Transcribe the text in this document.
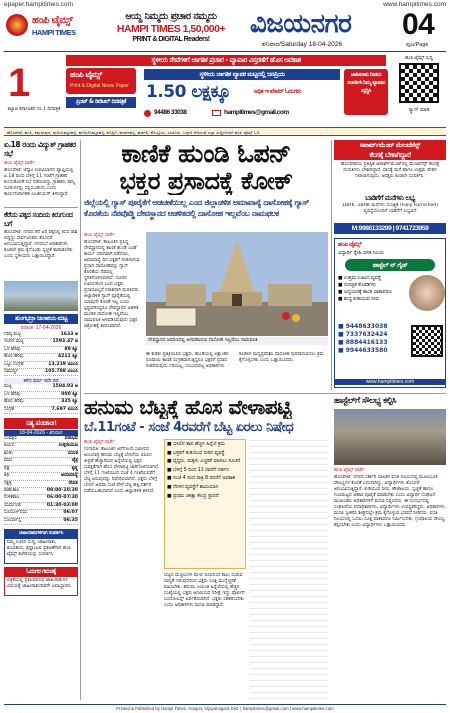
epaper.hampitimes.com	www.hampitimes.com
ಹಂಪಿ ಟೈಮ್ಸ್
HAMPI TIMES
ಆಯ್ದ ನಿಮ್ಮದು ಪ್ರಚಾರ ನಮ್ಮದು
HAMPI TIMES 1,50,000+
PRINT & DIGITAL Readers!
ವಿಜಯನಗರ
ಶನಿವಾರ/Saturday 18-04-2026
04
ಪುಟ/Page
ಸ್ಥಳೀಯ ಸೇವೆಗಳಿಗೆ ಜಾಗತಿಕ ಪ್ರಚಾರ - ವ್ಯಾಪಾರ ವಿಸ್ತರಣೆಗೆ ಹೊಸ ಅವಕಾಶ
1
ಕಲ್ಯಾಣ ಕರ್ನಾಟಕದ ನಂ.1 ದಿನಪತ್ರಿಕೆ
ಹಂಪಿ ಟೈಮ್ಸ್
Print & Digital News Paper
ಪ್ರಿಂಟ್ & ಡಿಜಿಟಲ್ ದಿನಪತ್ರಿಕೆ
ಸ್ಥಳೀಯ ಜಾಗತಿಕ ವ್ಯಾಪಕ ಮಟ್ಟದಲ್ಲಿ ಜನಪ್ರಿಯ
1.50 ಲಕ್ಷಕ್ಕೂ	ಅಧಿಕ ಇ-ಪೇಪರ್ ಓದುಗರು
94486 33038	hampitimes@gmail.com
ಜಾಹೀರಾತು ನೀಡಲು ಸಂಪರ್ಕಿಸಿ ನಿಮ್ಮ ವ್ಯಾಪಾರ ವೃದ್ಧಿಸಿ
ಹಂಪಿ ಟೈಮ್ಸ್ ಸುದ್ದಿ
ಸ್ಕ್ಯಾನ್ ಮಾಡಿ
ಹೊಸಪೇಟೆ, ಹಂಪಿ, ಕಮಲಾಪುರ, ಮರಿಯಮ್ಮನಹಳ್ಳಿ, ಹಗರಿಬೊಮ್ಮನಹಳ್ಳಿ, ಕೂಡ್ಲಿಗಿ, ಹರಪನಹಳ್ಳಿ, ಹಡಗಲಿ, ಕೊಟ್ಟೂರು, ಸಂಡೂರು, ಬಳ್ಳಾರಿ ಸೇರಿದಂತೆ ಎಲ್ಲಾ ಸುದ್ದಿಗಳಿಗಾಗಿ ಹಂಪಿ ಟೈಮ್ಸ್ ಓದಿ
ಏ.18 ರಂದು ವಿದ್ಯುತ್ ಗ್ರಾಹಕರ ಸಭೆ
ಹಂಪಿ ಟೈಮ್ಸ್ ವಾರ್ತೆ
ಹೊಸಪೇಟೆ: ಜೆಸ್ಕಾಂ ಉಪವಿಭಾಗದ ವ್ಯಾಪ್ತಿಯಲ್ಲಿ ಏ.18 ರಂದು ಬೆಳಿಗ್ಗೆ 11 ಗಂಟೆಗೆ ಗ್ರಾಹಕರ ಕುಂದುಕೊರತೆ ಸಭೆ ನಡೆಯಲಿದ್ದು ಗ್ರಾಹಕರು ತಮ್ಮ ದೂರುಗಳನ್ನು ಸಲ್ಲಿಸಬಹುದು ಎಂದು ಕಾರ್ಯನಿರ್ವಾಹಕ ಎಂಜಿನಿಯರ್ ತಿಳಿಸಿದ್ದಾರೆ.
ಕೆರೆಯ ಪಕ್ಕದ ಸಂದಿಯ ಕಿರುಗುಂದ ಬಗೆ
ಹೊಸಪೇಟೆ: ನಗರದ ಕೆರೆ ಏರಿ ಪಕ್ಕದಲ್ಲಿ ಕಸದ ರಾಶಿ ಬಿದ್ದಿದ್ದು ಸಾರ್ವಜನಿಕರು ತೊಂದರೆ ಅನುಭವಿಸುತ್ತಿದ್ದಾರೆ. ನಗರಸಭೆ ಅಧಿಕಾರಿಗಳು ಕೂಡಲೇ ಕ್ರಮ ಕೈಗೊಂಡು ಸ್ವಚ್ಛತೆ ಕಾಪಾಡಬೇಕು ಎಂದು ಸ್ಥಳೀಯರು ಒತ್ತಾಯಿಸಿದ್ದಾರೆ.
ತುಂಗಭದ್ರಾ ಜಲಾಶಯ ಮಟ್ಟ
ದಿನಾಂಕ: 17-04-2026
ಗರಿಷ್ಠ ಮಟ್ಟ	1633 ಅ
ಇಂದಿನ ಮಟ್ಟ	1593.47 ಅ
ಒಳ ಹರಿವು	89 ಕ್ಯೂ
ಹೊರ ಹರಿವು	4211 ಕ್ಯೂ
ಒಟ್ಟು ಸಂಗ್ರಹ	13.219 ಟಿಎಂಸಿ
ಸಾಮರ್ಥ್ಯ	105.788 ಟಿಎಂಸಿ
ಕಳೆದ ವರ್ಷ ಇದೇ ದಿನ
ಮಟ್ಟ	1584.93 ಅ
ಒಳ ಹರಿವು	000 ಕ್ಯೂ
ಹೊರ ಹರಿವು	325 ಕ್ಯೂ
ಸಂಗ್ರಹ	7.697 ಟಿಎಂಸಿ
ನಿತ್ಯ ಪಂಚಾಂಗ
18-04-2026 - ಶನಿವಾರ
ಸಂವತ್ಸರ	ಪರಾಭವ
ಅಯನ	ಉತ್ತರಾಯಣ
ಋತು	ವಸಂತ
ಮಾಸ	ಚೈತ್ರ
ಪಕ್ಷ	ಕೃಷ್ಣ
ತಿಥಿ	ಅಮಾವಾಸ್ಯೆ
ನಕ್ಷತ್ರ	ರೇವತಿ
ರಾಹುಕಾಲ	09:00-10:30
ಗುಳಿಕಕಾಲ	06:00-07:30
ಯಮಗಂಡ	01:30-03:00
ಸೂರ್ಯೋದಯ	06:07
ಸೂರ್ಯಾಸ್ತ	06:35
ಜಾಹೀರಾತುಗಳಿಗಾಗಿ ಸಂಪರ್ಕಿಸಿ
ನಿಮ್ಮ ಊರಿನ ಸುದ್ದಿ, ಜಾಹೀರಾತು, ಶುಭಾಶಯ, ಶ್ರದ್ಧಾಂಜಲಿ ಪ್ರಕಟಣೆಗಾಗಿ ಹಂಪಿ ಟೈಮ್ಸ್ ಕಚೇರಿಯನ್ನು ಸಂಪರ್ಕಿಸಿ
ಓದುಗರ ಗಮನಕ್ಕೆ
ಪತ್ರಿಕೆಯಲ್ಲಿ ಪ್ರಕಟವಾಗುವ ಜಾಹೀರಾತುಗಳ ವಿಷಯಕ್ಕೆ ಜಾಹೀರಾತುದಾರರೇ ಜವಾಬ್ದಾರರು
ಕಾಣಿಕೆ ಹುಂಡಿ ಓಪನ್
ಭಕ್ತರ ಪ್ರಸಾದಕ್ಕೆ ಕೋಕ್
ಜಿಲ್ಲೆಯಲ್ಲಿ ಗ್ಯಾಸ್ ಪೂರೈಕೆಗೆ ಅಡಚಣೆಯಿಲ್ಲ ಎಂದ ಜಿಲ್ಲಾಡಳಿತ ಅಮಾವಾಸ್ಯೆ ದಾಸೋಹಕ್ಕೆ ಗ್ಯಾಸ್ ಕೊರತೆಯ ನೆಪವೊಡ್ಡಿ ದೇವಸ್ಥಾನದ ಆಡಳಿತದಲ್ಲಿ ದಾಸೋಹ ಇಲ್ಲವೆಂಬ ನಾಮಫಲಕ
ಹಂಪಿ ಟೈಮ್ಸ್ ವಾರ್ತೆ
ಹೊಸಪೇಟೆ: ತಾಲೂಕಿನ ಪ್ರಸಿದ್ಧ ದೇವಸ್ಥಾನದಲ್ಲಿ ಕಾಣಿಕೆ ಹುಂಡಿ ಎಣಿಕೆ ಕಾರ್ಯ ಸರಾಗವಾಗಿ ನಡೆದರೂ, ಅಮಾವಾಸ್ಯೆ ದಿನ ಭಕ್ತರಿಗೆ ನೀಡಲಾಗುವ ಪ್ರಸಾದ ದಾಸೋಹವನ್ನು ಗ್ಯಾಸ್ ಕೊರತೆಯ ನೆಪದಲ್ಲಿ ಸ್ಥಗಿತಗೊಳಿಸಲಾಗಿದೆ. ದೂರದ ಊರುಗಳಿಂದ ಬಂದ ಭಕ್ತರು ಪ್ರಸಾದವಿಲ್ಲದೆ ನಿರಾಶರಾಗಿ ಮರಳಿದರು. ಜಿಲ್ಲಾಡಳಿತ ಗ್ಯಾಸ್ ಪೂರೈಕೆಯಲ್ಲಿ ಯಾವುದೇ ಕೊರತೆ ಇಲ್ಲ ಎಂದು ಸ್ಪಷ್ಟಪಡಿಸಿದ್ದರೂ ದೇವಸ್ಥಾನದ ಆಡಳಿತ ಮಂಡಳಿ ದಾಸೋಹ ಇಲ್ಲವೆಂಬ ನಾಮಫಲಕ ಅಳವಡಿಸಿರುವುದು ಭಕ್ತರ ಆಕ್ರೋಶಕ್ಕೆ ಕಾರಣವಾಗಿದೆ.
ದೇವಸ್ಥಾನದ ಆವರಣದಲ್ಲಿ ಅಳವಡಿಸಿರುವ ದಾಸೋಹ ಇಲ್ಲವೆಂಬ ನಾಮಫಲಕ
ಈ ಕುರಿತು ಪ್ರತಿಕ್ರಿಯಿಸಿದ ಭಕ್ತರು, ಹುಂಡಿಯಲ್ಲಿ ಲಕ್ಷಾಂತರ ರೂಪಾಯಿ ಕಾಣಿಕೆ ಸಂಗ್ರಹವಾಗುತ್ತಿದ್ದರೂ ಭಕ್ತರಿಗೆ ಪ್ರಸಾದ ನೀಡದಿರುವುದು ಸರಿಯಲ್ಲ. ಸಂಬಂಧಪಟ್ಟ ಅಧಿಕಾರಿಗಳು ಕೂಡಲೇ ಮಧ್ಯಪ್ರವೇಶಿಸಿ ದಾಸೋಹ ಪುನರಾರಂಭಿಸಲು ಕ್ರಮ ಕೈಗೊಳ್ಳಬೇಕು ಎಂದು ಒತ್ತಾಯಿಸಿದರು.
ಅಪಾರ್ಟ್‌ಮೆಂಟ್ ಮೇಂಟೆನೆನ್ಸ್
ಕೆಲಸಕ್ಕೆ ಬೇಕಾಗಿದ್ದಾರೆ
ಹೊಸಪೇಟೆಯ ಪ್ರತಿಷ್ಠಿತ ಅಪಾರ್ಟ್‌ಮೆಂಟ್‌ನಲ್ಲಿ ಮೇಂಟೆನೆನ್ಸ್ ಕೆಲಸಕ್ಕೆ ದಂಪತಿಗಳು ಬೇಕಾಗಿದ್ದಾರೆ. ವಾಸಕ್ಕೆ ಮನೆ ಹಾಗೂ ಉತ್ತಮ ವೇತನ ನೀಡಲಾಗುವುದು. ಆಸಕ್ತರು ಕೂಡಲೇ ಸಂಪರ್ಕಿಸಿ.
ಬಾಡಿಗೆಗೆ ಮನೆಗಳು ಲಭ್ಯ
1BHK, 2BHK ಮನೆಗಳು ಸುಸಜ್ಜಿತ (Fully Furnished) ವ್ಯವಸ್ಥೆಯೊಂದಿಗೆ ಬಾಡಿಗೆಗೆ ಲಭ್ಯವಿದೆ
M:9986133299 | 9741723959
ಹಂಪಿ ಟೈಮ್ಸ್
ವಿದ್ಯಾರ್ಥಿ ಸ್ನೇಹಿ ವಸತಿ ನಿಲಯ
ಹಾಸ್ಟೆಲ್ ನ್ ಗೈಡ್
■ ಉತ್ತಮ ಊಟದ ವ್ಯವಸ್ಥೆ
■ ಸುಸಜ್ಜಿತ ಕೊಠಡಿಗಳು
■ ಅಧ್ಯಯನಕ್ಕೆ ಶಾಂತ ವಾತಾವರಣ
■ ಶುದ್ಧ ಕುಡಿಯುವ ನೀರು
■ 9448633038
■ 7337632424
■ 8884416133
■ 9944633580
www.hampitimes.com
ಹನುಮ ಬೆಟ್ಟಕ್ಕೆ ಹೊಸ ವೇಳಾಪಟ್ಟಿ
ಬೆ.11ಗಂಟೆ - ಸಂಜೆ 4ರವರೆಗೆ ಬೆಟ್ಟ ಏರಲು ನಿಷೇಧ
ಹಂಪಿ ಟೈಮ್ಸ್ ವಾರ್ತೆ
ಗಂಗಾವತಿ: ತಾಲೂಕಿನ ಆನೆಗೊಂದಿ ಸಮೀಪದ ಅಂಜನಾದ್ರಿ ಹನುಮ ಬೆಟ್ಟಕ್ಕೆ ಬೇಸಿಗೆಯ ಬಿಸಿಲಿನ ತೀವ್ರತೆ ಹೆಚ್ಚಾಗಿರುವ ಹಿನ್ನೆಲೆಯಲ್ಲಿ ಭಕ್ತರ ಸುರಕ್ಷತೆಗಾಗಿ ಹೊಸ ವೇಳಾಪಟ್ಟಿ ಜಾರಿಗೊಳಿಸಲಾಗಿದೆ. ಬೆಳಿಗ್ಗೆ 11 ಗಂಟೆಯಿಂದ ಸಂಜೆ 4 ಗಂಟೆಯವರೆಗೆ ಬೆಟ್ಟ ಏರುವುದನ್ನು ನಿಷೇಧಿಸಲಾಗಿದೆ. ಭಕ್ತರು ಬೆಳಿಗ್ಗೆ ಬೇಗನೆ ಅಥವಾ ಸಂಜೆ ವೇಳೆ ಬೆಟ್ಟ ಹತ್ತಿ ದರ್ಶನ ಪಡೆಯಬಹುದಾಗಿದೆ ಎಂದು ಜಿಲ್ಲಾಡಳಿತ ತಿಳಿಸಿದೆ.
■ ಬಿಸಿಲಿನ ತಾಪ ಹೆಚ್ಚಳ ಹಿನ್ನೆಲೆ ಕ್ರಮ
■ ಭಕ್ತರಿಗೆ ಕುಡಿಯುವ ನೀರಿನ ವ್ಯವಸ್ಥೆ
■ ವೃದ್ಧರು, ಮಕ್ಕಳು ಎಚ್ಚರಿಕೆ ವಹಿಸಲು ಸೂಚನೆ
■ ಬೆಳಿಗ್ಗೆ 5 ರಿಂದ 11 ರವರೆಗೆ ದರ್ಶನ
■ ಸಂಜೆ 4 ರಿಂದ ರಾತ್ರಿ 8 ರವರೆಗೆ ಅವಕಾಶ
■ ನೆರಳಿನ ವ್ಯವಸ್ಥೆಗೆ ಶಾಮಿಯಾನ
■ ಪ್ರಥಮ ಚಿಕಿತ್ಸಾ ಕೇಂದ್ರ ಸ್ಥಾಪನೆ
ಬೆಟ್ಟದ ಮೆಟ್ಟಿಲುಗಳ ಮೇಲೆ ಬಿಸಿಲಿನಿಂದ ಕಾಲು ಸುಡುವ ಸಾಧ್ಯತೆ ಇರುವುದರಿಂದ ಭಕ್ತರು ಸೂಕ್ತ ಮುನ್ನೆಚ್ಚರಿಕೆ ವಹಿಸಬೇಕು. ಹನುಮ ಜಯಂತಿ ಹಿನ್ನೆಲೆಯಲ್ಲಿ ಹೆಚ್ಚಿನ ಸಂಖ್ಯೆಯಲ್ಲಿ ಭಕ್ತರು ಆಗಮಿಸುವ ನಿರೀಕ್ಷೆ ಇದ್ದು ಪೊಲೀಸ್ ಬಂದೋಬಸ್ತ್ ಏರ್ಪಡಿಸಲಾಗಿದೆ. ಭಕ್ತರು ಸಹಕರಿಸಬೇಕು ಎಂದು ಅಧಿಕಾರಿಗಳು ಮನವಿ ಮಾಡಿದ್ದಾರೆ.
ಹಾಸ್ಟೆಲ್‌ಗೆ ಸೌಲಭ್ಯ ಕಲ್ಪಿಸಿ
ಹಂಪಿ ಟೈಮ್ಸ್ ವಾರ್ತೆ
ಹೊಸಪೇಟೆ: ನಗರದ ಸರ್ಕಾರಿ ಬಾಲಕರ ವಸತಿ ನಿಲಯದಲ್ಲಿ ಮೂಲಭೂತ ಸೌಲಭ್ಯಗಳ ಕೊರತೆ ಎದುರಾಗಿದ್ದು, ವಿದ್ಯಾರ್ಥಿಗಳು ತೊಂದರೆ ಅನುಭವಿಸುತ್ತಿದ್ದಾರೆ. ಕುಡಿಯುವ ನೀರು, ಶೌಚಾಲಯ, ಸ್ವಚ್ಛತೆ ಹಾಗೂ ಗುಣಮಟ್ಟದ ಆಹಾರ ಪೂರೈಕೆ ಮಾಡಬೇಕು ಎಂದು ವಿದ್ಯಾರ್ಥಿ ಸಂಘಟನೆ ಮುಖಂಡರು ಅಧಿಕಾರಿಗಳಿಗೆ ಮನವಿ ಸಲ್ಲಿಸಿದರು. ಈ ಸಂದರ್ಭದಲ್ಲಿ ಸಂಘಟನೆಯ ಪದಾಧಿಕಾರಿಗಳು, ವಿದ್ಯಾರ್ಥಿಗಳು ಉಪಸ್ಥಿತರಿದ್ದರು. ಅಧಿಕಾರಿಗಳು ಮನವಿ ಸ್ವೀಕರಿಸಿ ಶೀಘ್ರದಲ್ಲೇ ಕ್ರಮ ಕೈಗೊಳ್ಳುವ ಭರವಸೆ ನೀಡಿದರು. ವಸತಿ ನಿಲಯದಲ್ಲಿ ಓದಲು ಸೂಕ್ತ ವಾತಾವರಣ ನಿರ್ಮಿಸಬೇಕು, ಗ್ರಂಥಾಲಯ ಸೌಲಭ್ಯ ಕಲ್ಪಿಸಬೇಕು ಎಂದು ವಿದ್ಯಾರ್ಥಿಗಳು ಒತ್ತಾಯಿಸಿದರು.
Printed & Published by Hampi Times, Hospet, Vijayanagara Dist. | hampitimes@gmail.com | www.hampitimes.com
